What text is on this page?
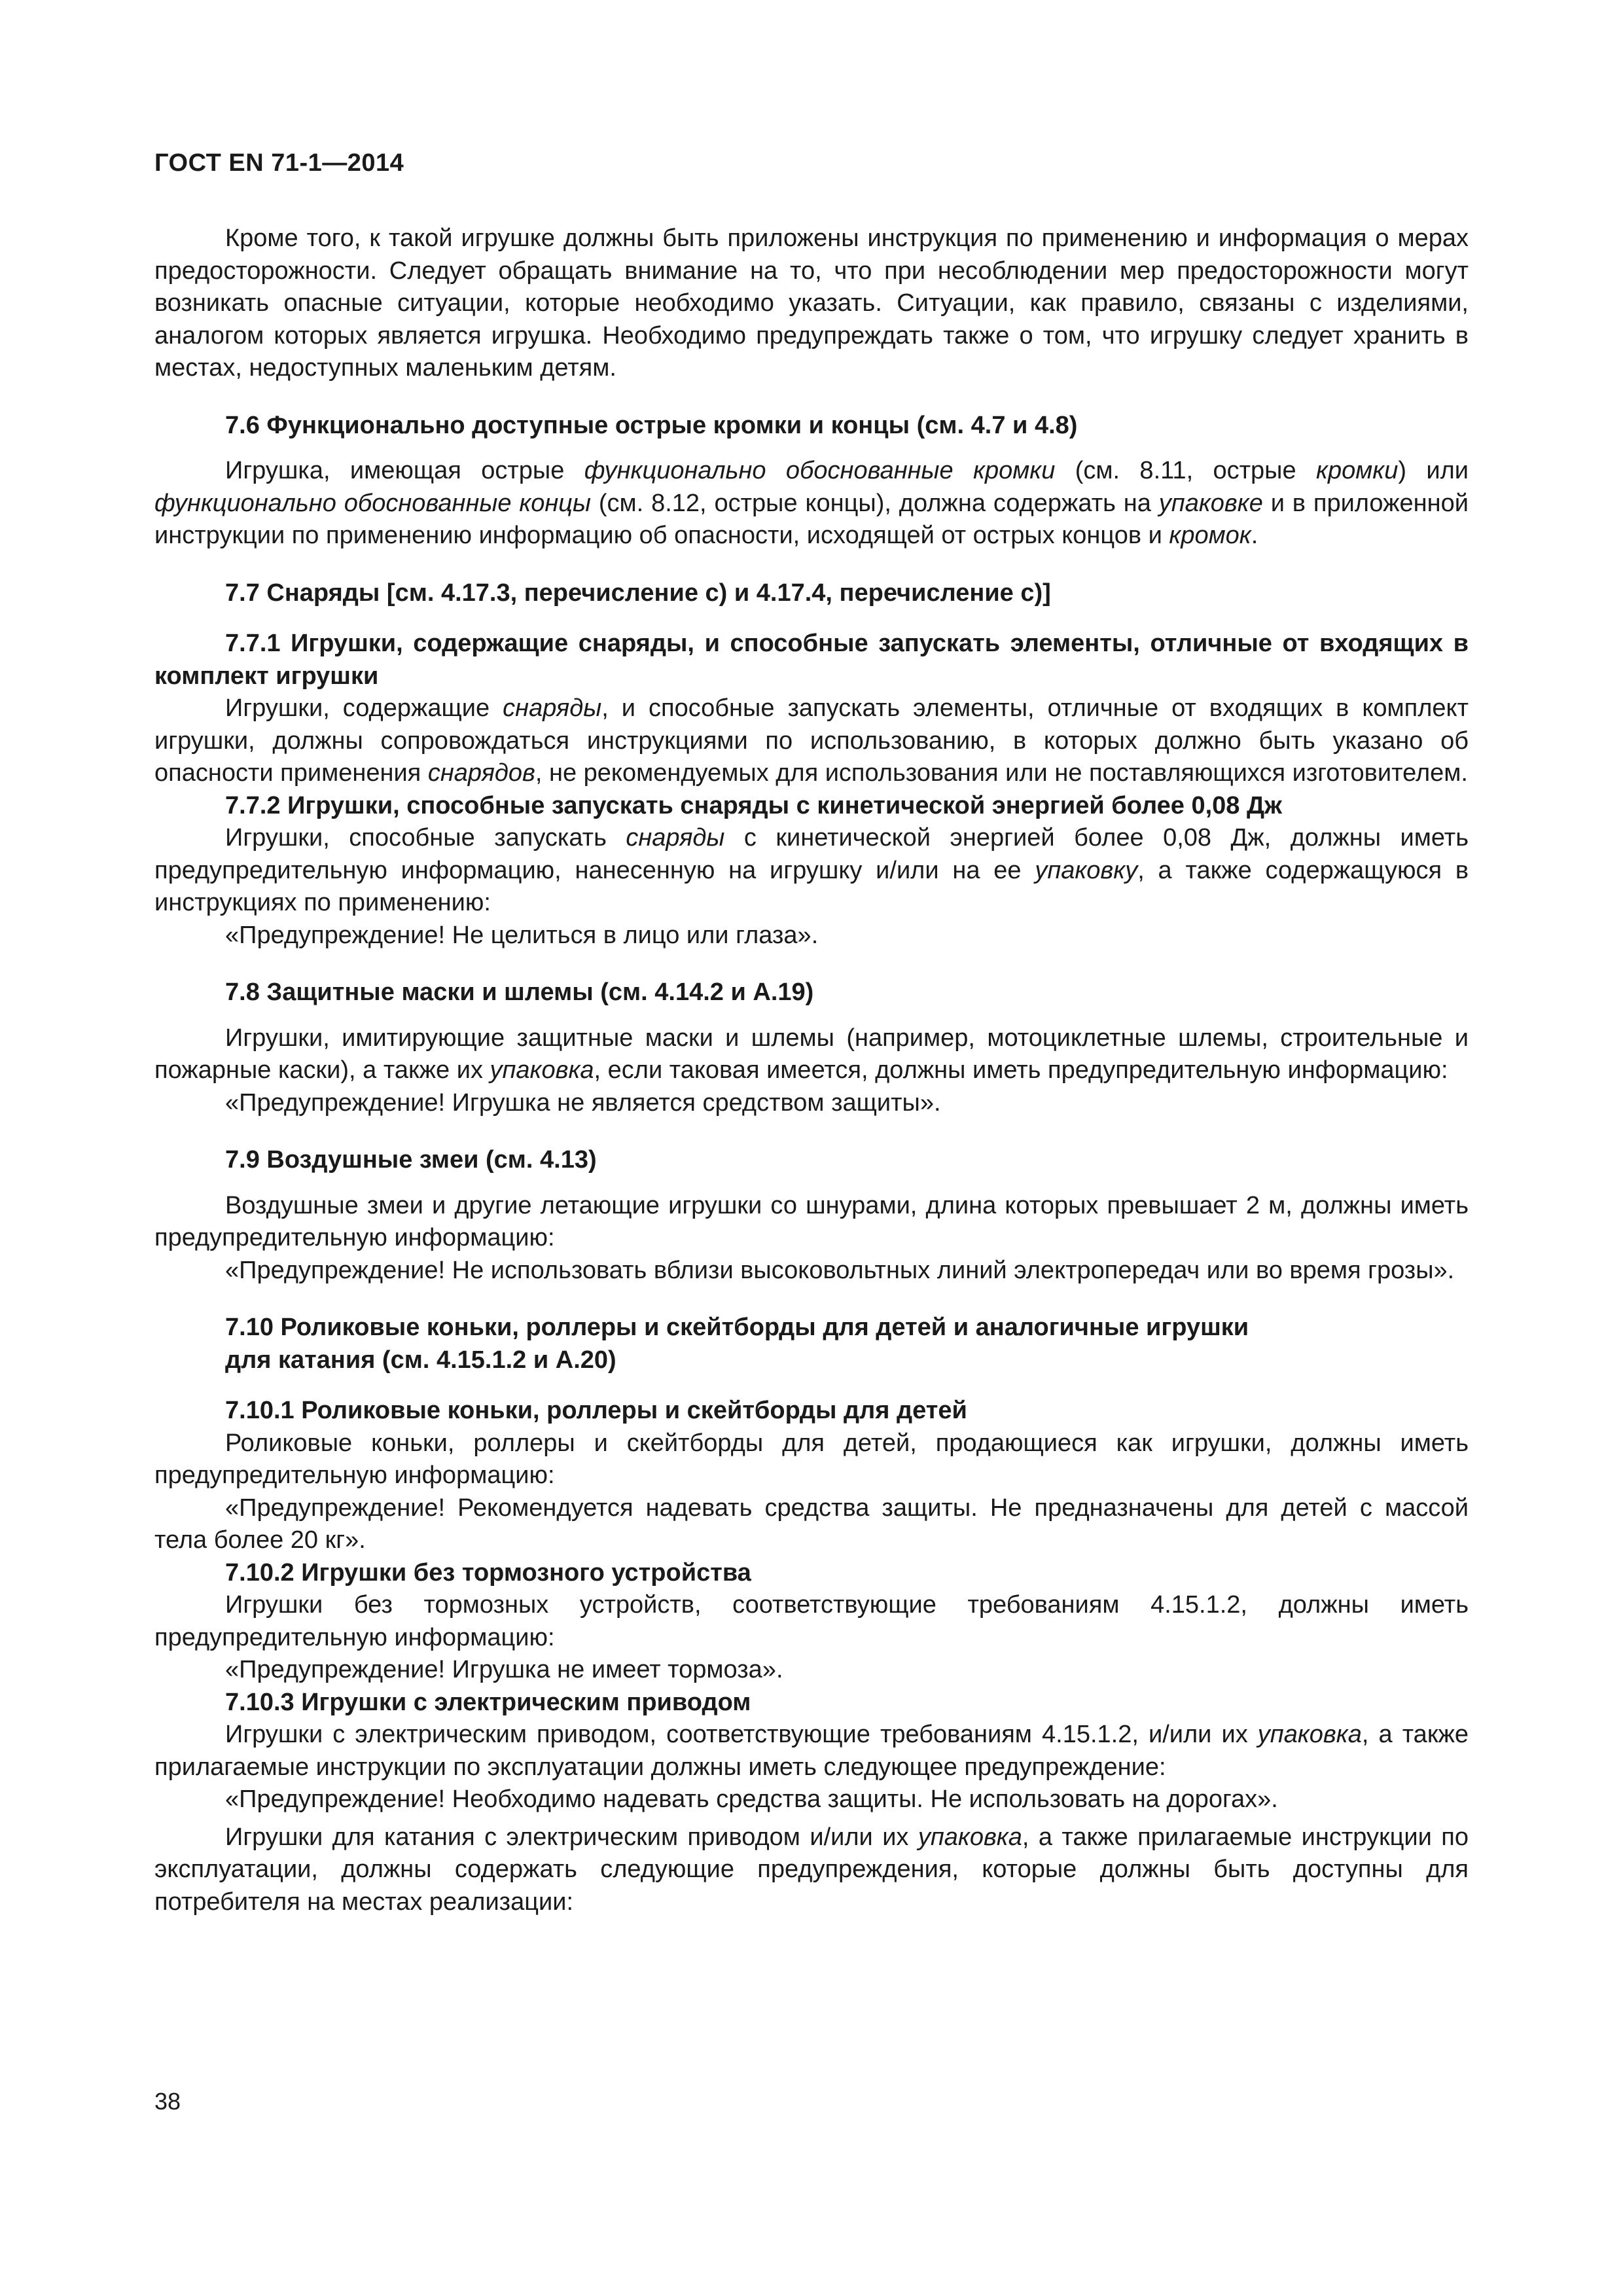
ГОСТ EN 71-1—2014

Кроме того, к такой игрушке должны быть приложены инструкция по применению и информация о мерах предосторожности. Следует обращать внимание на то, что при несоблюдении мер предосторожности могут возникать опасные ситуации, которые необходимо указать. Ситуации, как правило, связаны с изделиями, аналогом которых является игрушка. Необходимо предупреждать также о том, что игрушку следует хранить в местах, недоступных маленьким детям.

7.6 Функционально доступные острые кромки и концы (см. 4.7 и 4.8)

Игрушка, имеющая острые функционально обоснованные кромки (см. 8.11, острые кромки) или функционально обоснованные концы (см. 8.12, острые концы), должна содержать на упаковке и в приложенной инструкции по применению информацию об опасности, исходящей от острых концов и кромок.

7.7 Снаряды [см. 4.17.3, перечисление с) и 4.17.4, перечисление с)]

7.7.1 Игрушки, содержащие снаряды, и способные запускать элементы, отличные от входящих в комплект игрушки

Игрушки, содержащие снаряды, и способные запускать элементы, отличные от входящих в комплект игрушки, должны сопровождаться инструкциями по использованию, в которых должно быть указано об опасности применения снарядов, не рекомендуемых для использования или не поставляющихся изготовителем.

7.7.2 Игрушки, способные запускать снаряды с кинетической энергией более 0,08 Дж

Игрушки, способные запускать снаряды с кинетической энергией более 0,08 Дж, должны иметь предупредительную информацию, нанесенную на игрушку и/или на ее упаковку, а также содержащуюся в инструкциях по применению:

«Предупреждение! Не целиться в лицо или глаза».

7.8 Защитные маски и шлемы (см. 4.14.2 и А.19)

Игрушки, имитирующие защитные маски и шлемы (например, мотоциклетные шлемы, строительные и пожарные каски), а также их упаковка, если таковая имеется, должны иметь предупредительную информацию:

«Предупреждение! Игрушка не является средством защиты».

7.9 Воздушные змеи (см. 4.13)

Воздушные змеи и другие летающие игрушки со шнурами, длина которых превышает 2 м, должны иметь предупредительную информацию:

«Предупреждение! Не использовать вблизи высоковольтных линий электропередач или во время грозы».

7.10 Роликовые коньки, роллеры и скейтборды для детей и аналогичные игрушки

для катания (см. 4.15.1.2 и А.20)

7.10.1 Роликовые коньки, роллеры и скейтборды для детей

Роликовые коньки, роллеры и скейтборды для детей, продающиеся как игрушки, должны иметь предупредительную информацию:

«Предупреждение! Рекомендуется надевать средства защиты. Не предназначены для детей с массой тела более 20 кг».

7.10.2 Игрушки без тормозного устройства

Игрушки без тормозных устройств, соответствующие требованиям 4.15.1.2, должны иметь предупредительную информацию:

«Предупреждение! Игрушка не имеет тормоза».

7.10.3 Игрушки с электрическим приводом

Игрушки с электрическим приводом, соответствующие требованиям 4.15.1.2, и/или их упаковка, а также прилагаемые инструкции по эксплуатации должны иметь следующее предупреждение:

«Предупреждение! Необходимо надевать средства защиты. Не использовать на дорогах».

Игрушки для катания с электрическим приводом и/или их упаковка, а также прилагаемые инструкции по эксплуатации, должны содержать следующие предупреждения, которые должны быть доступны для потребителя на местах реализации:

38
